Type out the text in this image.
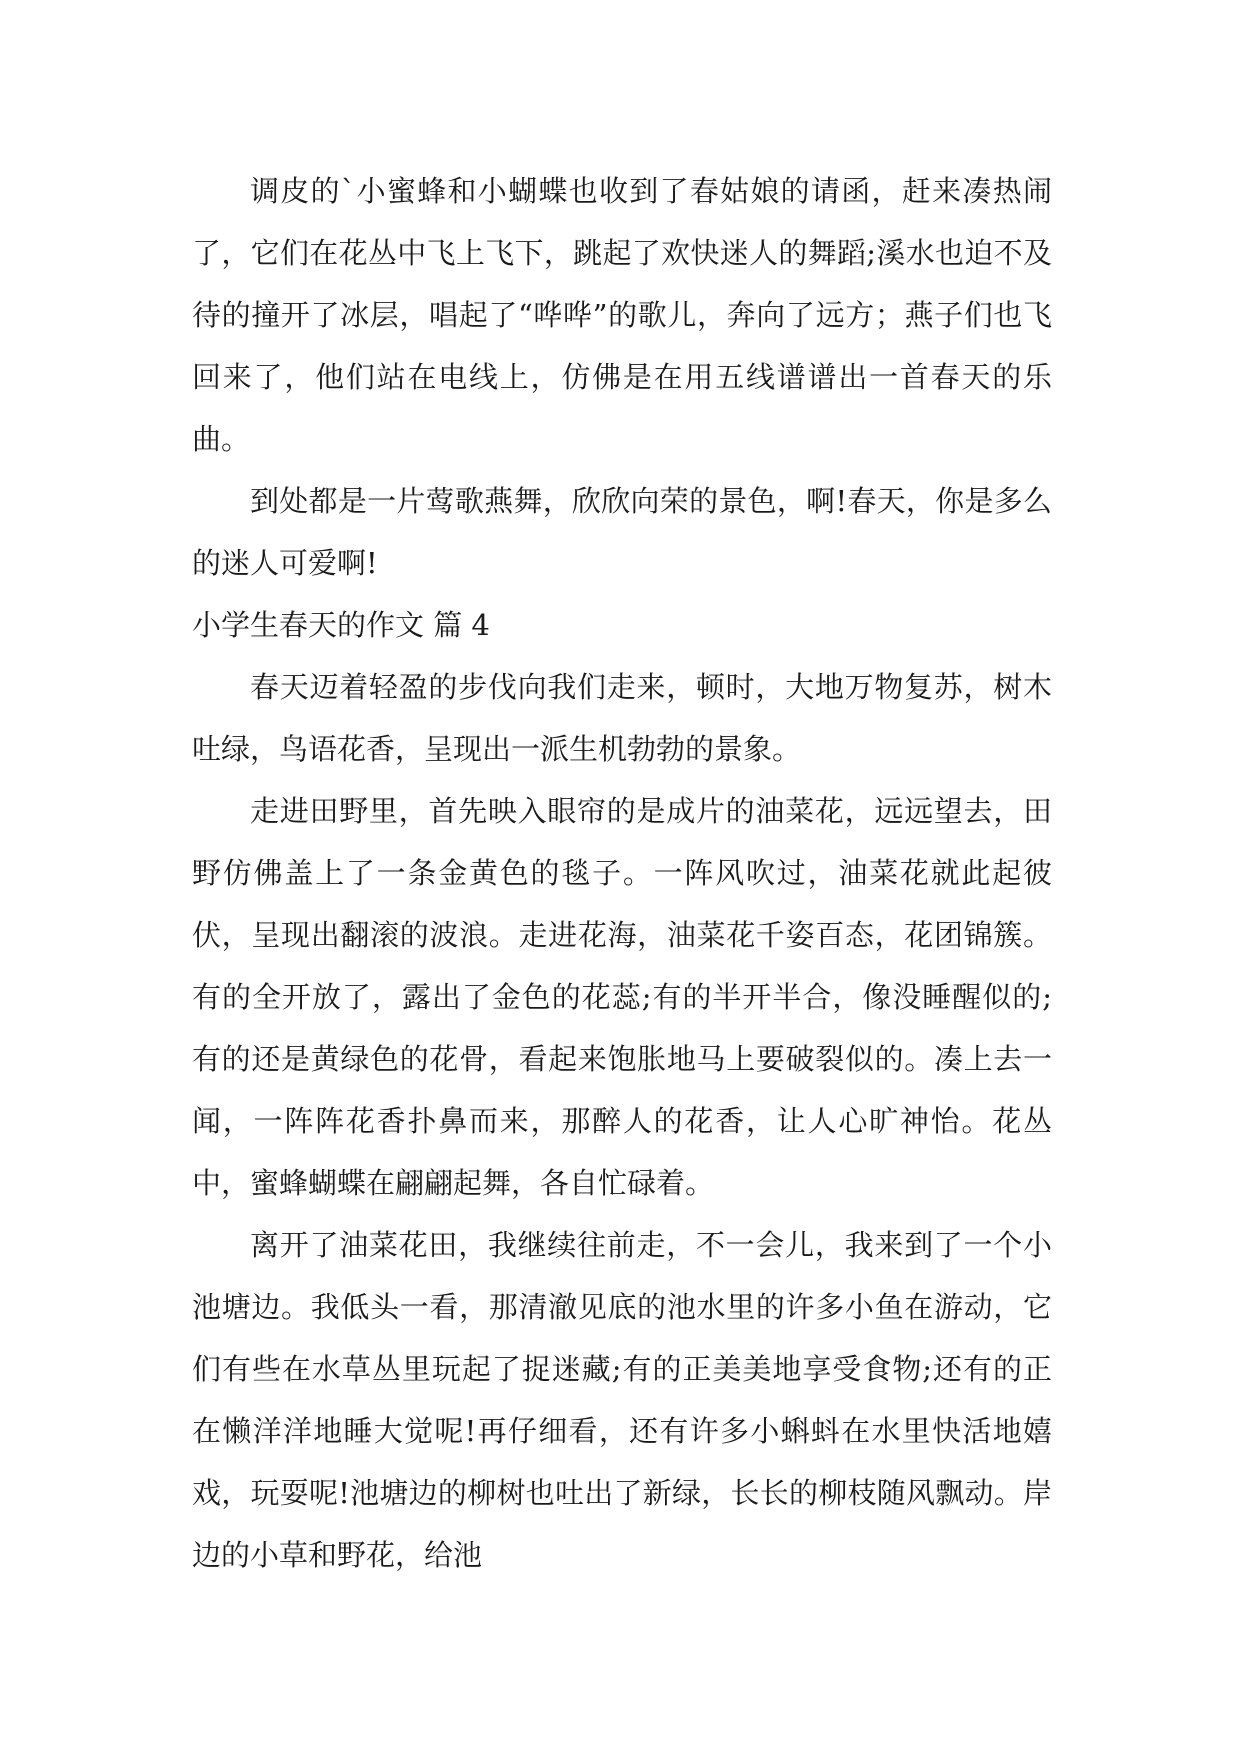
调皮的`小蜜蜂和小蝴蝶也收到了春姑娘的请函，赶来凑热闹了，它们在花丛中飞上飞下，跳起了欢快迷人的舞蹈;溪水也迫不及待的撞开了冰层，唱起了“哗哗”的歌儿，奔向了远方；燕子们也飞回来了，他们站在电线上，仿佛是在用五线谱谱出一首春天的乐曲。

到处都是一片莺歌燕舞，欣欣向荣的景色，啊!春天，你是多么的迷人可爱啊!

小学生春天的作文 篇 4

春天迈着轻盈的步伐向我们走来，顿时，大地万物复苏，树木吐绿，鸟语花香，呈现出一派生机勃勃的景象。

走进田野里，首先映入眼帘的是成片的油菜花，远远望去，田野仿佛盖上了一条金黄色的毯子。一阵风吹过，油菜花就此起彼伏，呈现出翻滚的波浪。走进花海，油菜花千姿百态，花团锦簇。有的全开放了，露出了金色的花蕊;有的半开半合，像没睡醒似的;有的还是黄绿色的花骨，看起来饱胀地马上要破裂似的。凑上去一闻，一阵阵花香扑鼻而来，那醉人的花香，让人心旷神怡。花丛中，蜜蜂蝴蝶在翩翩起舞，各自忙碌着。

离开了油菜花田，我继续往前走，不一会儿，我来到了一个小池塘边。我低头一看，那清澈见底的池水里的许多小鱼在游动，它们有些在水草丛里玩起了捉迷藏;有的正美美地享受食物;还有的正在懒洋洋地睡大觉呢!再仔细看，还有许多小蝌蚪在水里快活地嬉戏，玩耍呢!池塘边的柳树也吐出了新绿，长长的柳枝随风飘动。岸边的小草和野花，给池
